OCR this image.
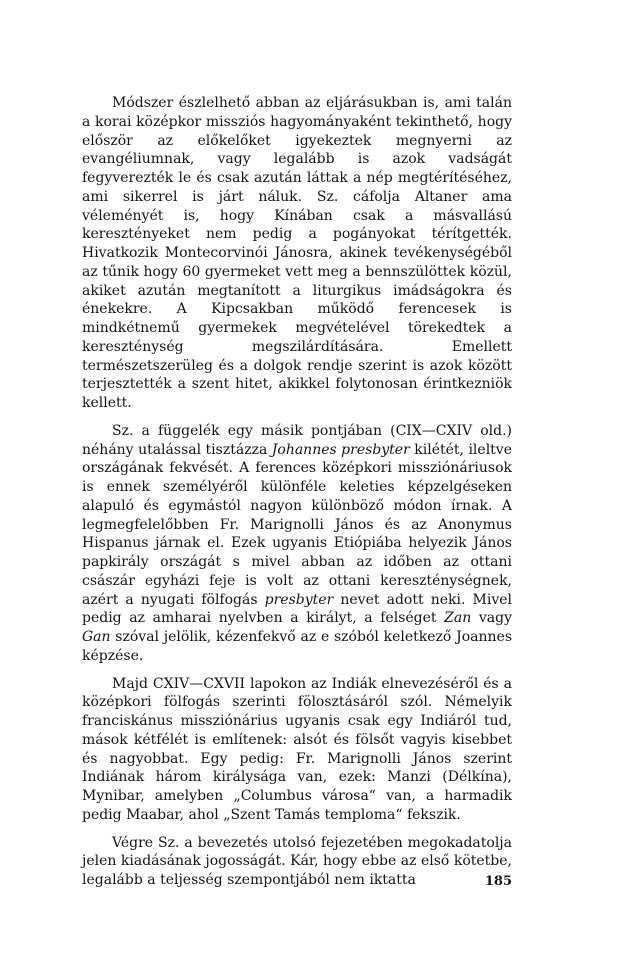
Módszer észlelhető abban az eljárásukban is, ami talán a korai középkor missziós hagyományaként tekinthető, hogy először az előkelőket igyekeztek megnyerni az evangéliumnak, vagy legalább is azok vadságát fegyverezték le és csak azután láttak a nép megtérítéséhez, ami sikerrel is járt náluk. Sz. cáfolja Altaner ama véleményét is, hogy Kínában csak a másvallású keresztényeket nem pedig a pogányokat térítgették. Hivatkozik Montecorvinói Jánosra, akinek tevékenységéből az tűnik hogy 60 gyermeket vett meg a bennszülöttek közül, akiket azután megtanított a liturgikus imádságokra és énekekre. A Kipcsakban működő ferencesek is mindkétnemű gyermekek megvételével törekedtek a kereszténység megszilárdítására. Emellett természetszerüleg és a dolgok rendje szerint is azok között terjesztették a szent hitet, akikkel folytonosan érintkezniök kellett.

Sz. a függelék egy másik pontjában (CIX—CXIV old.) néhány utalással tisztázza Johannes presbyter kilétét, ileltve országának fekvését. A ferences középkori missziónáriusok is ennek személyéről különféle keleties képzelgéseken alapuló és egymástól nagyon különböző módon írnak. A legmegfelelőbben Fr. Marignolli János és az Anonymus Hispanus járnak el. Ezek ugyanis Etiópiába helyezik János papkirály országát s mivel abban az időben az ottani császár egyházi feje is volt az ottani kereszténységnek, azért a nyugati fölfogás presbyter nevet adott neki. Mivel pedig az amharai nyelvben a királyt, a felséget Zan vagy Gan szóval jelölik, kézenfekvő az e szóból keletkező Joannes képzése.

Majd CXIV—CXVII lapokon az Indiák elnevezéséről és a középkori fölfogás szerinti fölosztásáról szól. Némelyik franciskánus missziónárius ugyanis csak egy Indiáról tud, mások kétfélét is említenek: alsót és fölsőt vagyis kisebbet és nagyobbat. Egy pedig: Fr. Marignolli János szerint Indiának három királysága van, ezek: Manzi (Délkína), Mynibar, amelyben „Columbus városa“ van, a harmadik pedig Maabar, ahol „Szent Tamás temploma“ fekszik.

Végre Sz. a bevezetés utolsó fejezetében megokadatolja jelen kiadásának jogosságát. Kár, hogy ebbe az első kötetbe, legalább a teljesség szempontjából nem iktatta	185
